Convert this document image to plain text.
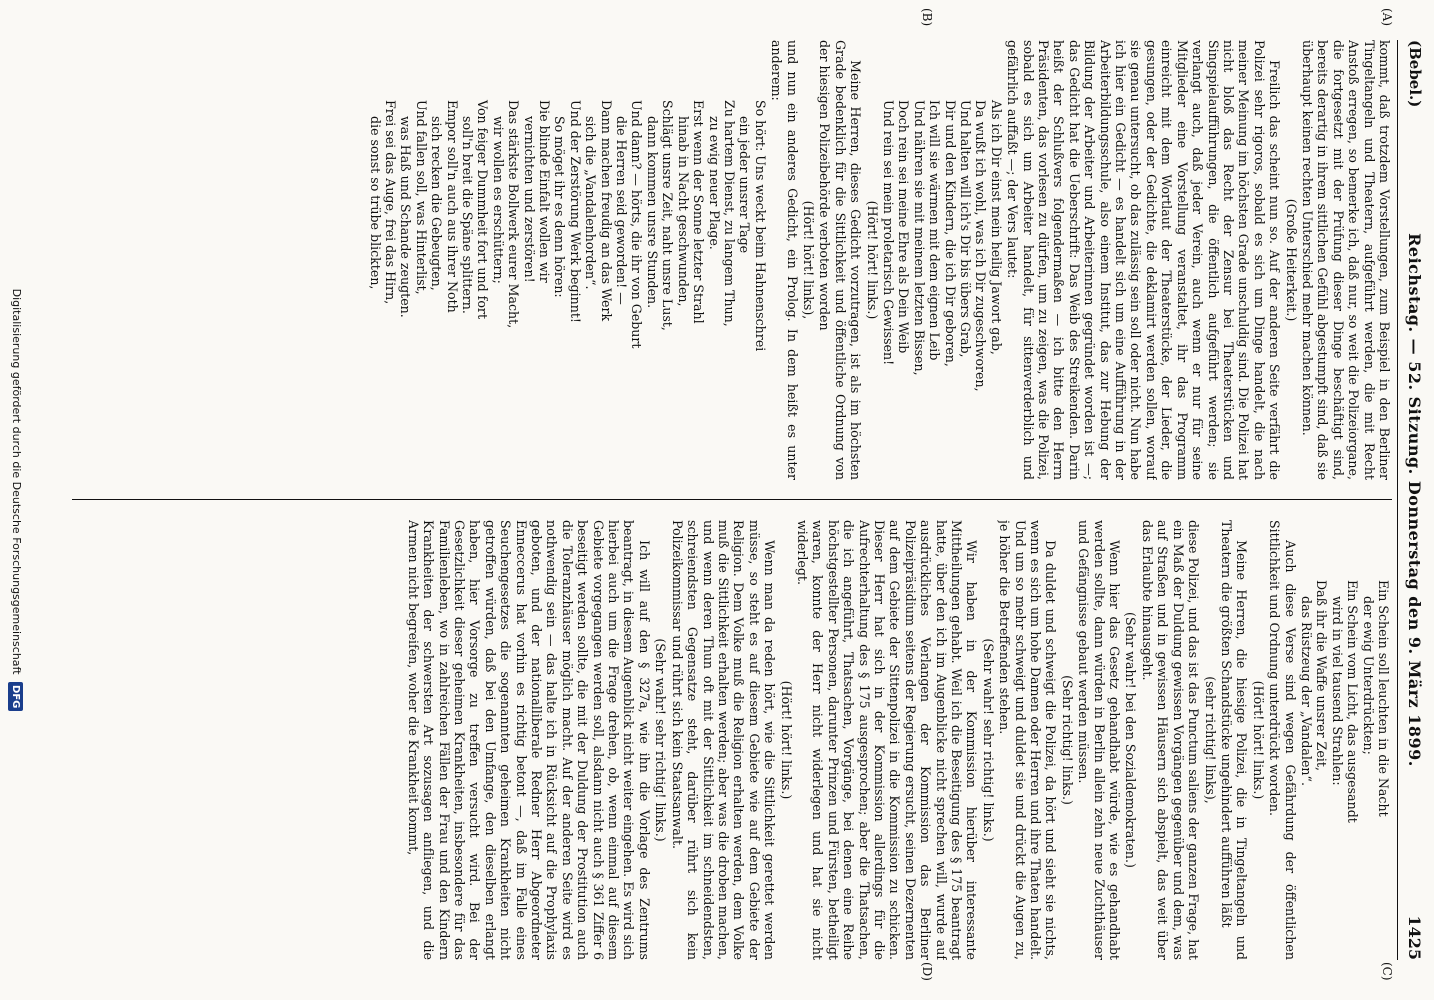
(Bebel.)
Reichstag. — 52. Sitzung. Donnerstag den 9. März 1899.
1425
(A)
(B)
(C)
(D)

kommt, daß trotzdem Vorstellungen, zum Beispiel in den Berliner Tingeltangeln und Theatern, aufgeführt werden, die mit Recht Anstoß erregen, so bemerke ich, daß nur, so weit die Polizeiorgane, die fortgesetzt mit der Prüfung dieser Dinge beschäftigt sind, bereits derartig in ihrem sittlichen Gefühl abgestumpft sind, daß sie überhaupt keinen rechten Unterschied mehr machen können.

(Große Heiterkeit.)

Freilich das scheint nun so. Auf der anderen Seite verfährt die Polizei sehr rigoros, sobald es sich um Dinge handelt, die nach meiner Meinung im höchsten Grade unschuldig sind. Die Polizei hat nicht bloß das Recht der Zensur bei Theaterstücken und Singspielaufführungen, die öffentlich aufgeführt werden; sie verlangt auch, daß jeder Verein, auch wenn er nur für seine Mitglieder eine Vorstellung veranstaltet, ihr das Programm einreicht mit dem Wortlaut der Theaterstücke, der Lieder, die gesungen, oder der Gedichte, die deklamirt werden sollen, worauf sie genau untersucht, ob das zulässig sein soll oder nicht. Nun habe ich hier ein Gedicht — es handelt sich um eine Aufführung in der Arbeiterbildungsschule, also einem Institut, das zur Hebung der Bildung der Arbeiter und Arbeiterinnen gegründet worden ist —; das Gedicht hat die Ueberschrift: Das Weib des Streikenden. Darin heißt der Schlußvers folgendermaßen — ich bitte den Herrn Präsidenten, das vorlesen zu dürfen, um zu zeigen, was die Polizei, sobald es sich um Arbeiter handelt, für sittenverderblich und gefährlich auffaßt —; der Vers lautet:

Als ich Dir einst mein heilig Jawort gab,
Da wußt ich wohl, was ich Dir zugeschworen,
Und halten will ich's Dir bis übers Grab,
Dir und den Kindern, die ich Dir geboren,
Ich will sie wärmen mit dem eignen Leib
Und nähren sie mit meinem letzten Bissen,
Doch rein sei meine Ehre als Dein Weib
Und rein sei mein proletarisch Gewissen!

(Hört! hört! links.)

Meine Herren, dieses Gedicht vorzutragen, ist als im höchsten Grade bedenklich für die Sittlichkeit und öffentliche Ordnung von der hiesigen Polizeibehörde verboten worden

(Hört! hört! links),

und nun ein anderes Gedicht, ein Prolog. In dem heißt es unter anderem:

So hört: Uns weckt beim Hahnenschrei
ein jeder unsrer Tage
Zu hartem Dienst, zu langem Thun,
zu ewig neuer Plage.
Erst wenn der Sonne letzter Strahl
hinab in Nacht geschwunden,
Schlägt unsre Zeit, naht unsre Lust,
dann kommen unsre Stunden.
Und dann? — hörts, die ihr von Geburt
die Herren seid geworden! —
Dann machen freudig an das Werk
sich die „Vandalenhorden“.
Und der Zerstörung Werk beginnt!
So möget ihr es denn hören:
Die blinde Einfalt wollen wir
vernichten und zerstören!
Das stärkste Bollwerk eurer Macht,
wir wollen es erschüttern;
Von feiger Dummheit fort und fort
soll'n breit die Späne splittern.
Empor soll'n auch aus ihrer Noth
sich recken die Gebeugten,
Und fallen soll, was Hinterlist,
was Haß und Schande zeugten.
Frei sei das Auge, frei das Hirn,
die sonst so trübe blickten,
Ein Schein soll leuchten in die Nacht
der ewig Unterdrückten;
Ein Schein vom Licht, das ausgesandt
wird in viel tausend Strahlen:
Daß ihr die Waffe unsrer Zeit,
das Rüstzeug der „Vandalen“.

Auch diese Verse sind wegen Gefährdung der öffentlichen Sittlichkeit und Ordnung unterdrückt worden.

(Hört! hört! links.)

Meine Herren, die hiesige Polizei, die in Tingeltangeln und Theatern die größten Schandstücke ungehindert aufführen läßt

(sehr richtig! links),

diese Polizei, und das ist das Punctum saliens der ganzen Frage, hat ein Maß der Duldung gewissen Vorgängen gegenüber und dem, was auf Straßen und in gewissen Häusern sich abspielt, das weit über das Erlaubte hinausgeht.

(Sehr wahr! bei den Sozialdemokraten.)

Wenn hier das Gesetz gehandhabt würde, wie es gehandhabt werden sollte, dann würden in Berlin allein zehn neue Zuchthäuser und Gefängnisse gebaut werden müssen.

(Sehr richtig! links.)

Da duldet und schweigt die Polizei, da hört und sieht sie nichts, wenn es sich um hohe Damen oder Herren und ihre Thaten handelt. Und um so mehr schweigt und duldet sie und drückt die Augen zu, je höher die Betreffenden stehen.

(Sehr wahr! sehr richtig! links.)

Wir haben in der Kommission hierüber interessante Mittheilungen gehabt. Weil ich die Beseitigung des § 175 beantragt hatte, über den ich im Augenblicke nicht sprechen will, wurde auf ausdrückliches Verlangen der Kommission das Berliner Polizeipräsidium seitens der Regierung ersucht, seinen Dezernenten auf dem Gebiete der Sittenpolizei in die Kommission zu schicken. Dieser Herr hat sich in der Kommission allerdings für die Aufrechterhaltung des § 175 ausgesprochen; aber die Thatsachen, die ich angeführt, Thatsachen, Vorgänge, bei denen eine Reihe höchstgestellter Personen, darunter Prinzen und Fürsten, betheiligt waren, konnte der Herr nicht widerlegen und hat sie nicht widerlegt.

(Hört! hört! links.)

Wenn man da reden hört, wie die Sittlichkeit gerettet werden müsse, so steht es auf diesem Gebiete wie auf dem Gebiete der Religion. Dem Volke muß die Religion erhalten werden, dem Volke muß die Sittlichkeit erhalten werden; aber was die droben machen, und wenn deren Thun oft mit der Sittlichkeit im schneidendsten, schreiendsten Gegensatze steht, darüber rührt sich kein Polizeikommissar und rührt sich kein Staatsanwalt.

(Sehr wahr! sehr richtig! links.)

Ich will auf den § 327a, wie ihn die Vorlage des Zentrums beantragt, in diesem Augenblick nicht weiter eingehen. Es wird sich hierbei auch um die Frage drehen, ob, wenn einmal auf diesem Gebiete vorgegangen werden soll, alsdann nicht auch § 361 Ziffer 6 beseitigt werden sollte, die mit der Duldung der Prostitution auch die Toleranzhäuser möglich macht. Auf der anderen Seite wird es nothwendig sein — das halte ich in Rücksicht auf die Prophylaxis geboten, und der nationalliberale Redner Herr Abgeordneter Enneccerus hat vorhin es richtig betont —, daß im Falle eines Seuchengesetzes die sogenannten geheimen Krankheiten nicht getroffen würden, daß bei den Umfange, den dieselben erlangt haben, hier Vorsorge zu treffen versucht wird. Bei der Gesetzlichkeit dieser geheimen Krankheiten, insbesondere für das Familienleben, wo in zahlreichen Fällen der Frau und den Kindern Krankheiten der schwersten Art sozusagen anfliegen, und die Armen nicht begreifen, woher die Krankheit kommt,

Digitalisierung gefördert durch die Deutsche Forschungsgemeinschaft DFG
